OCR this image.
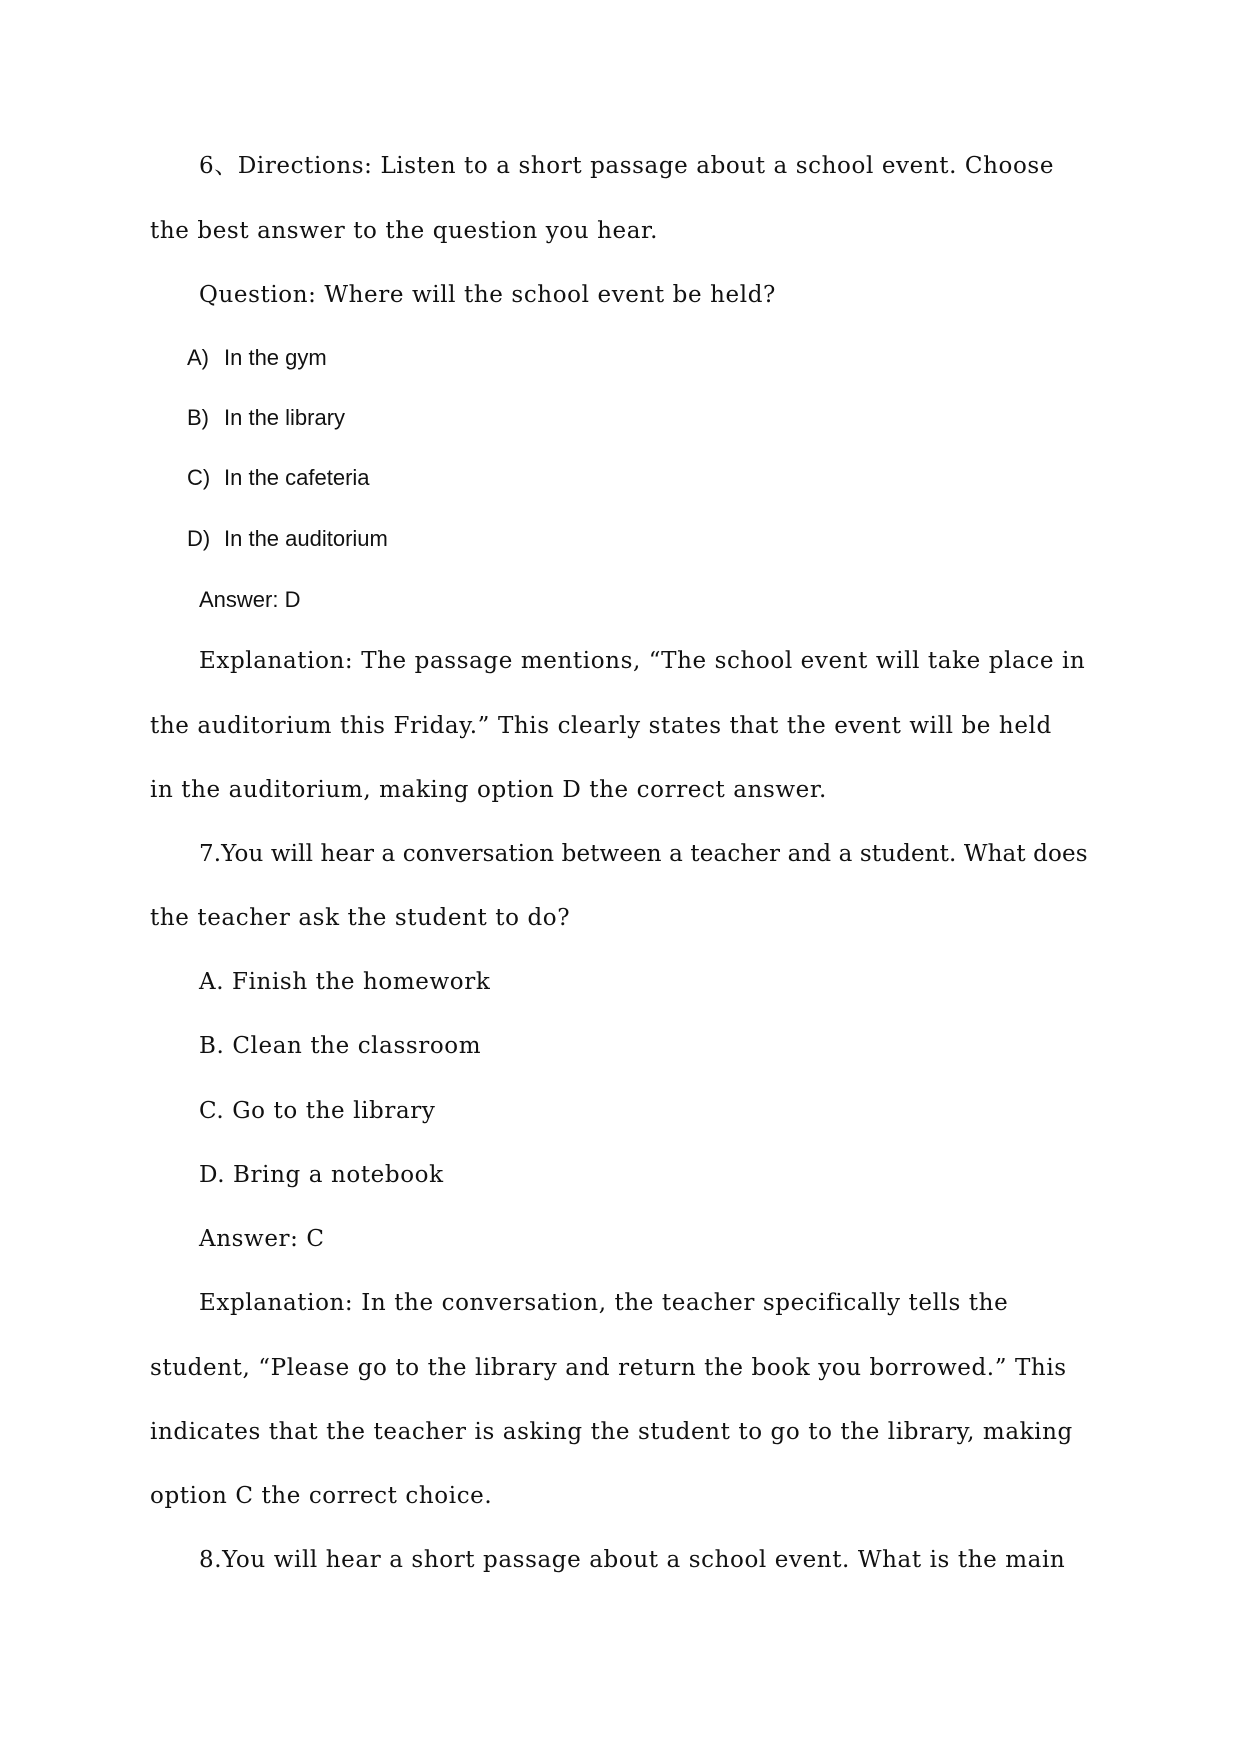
6、Directions: Listen to a short passage about a school event. Choose
the best answer to the question you hear.
Question: Where will the school event be held?
A) In the gym
B) In the library
C) In the cafeteria
D) In the auditorium
Answer: D
Explanation: The passage mentions, “The school event will take place in
the auditorium this Friday.” This clearly states that the event will be held
in the auditorium, making option D the correct answer.
7.You will hear a conversation between a teacher and a student. What does
the teacher ask the student to do?
A. Finish the homework
B. Clean the classroom
C. Go to the library
D. Bring a notebook
Answer: C
Explanation: In the conversation, the teacher specifically tells the
student, “Please go to the library and return the book you borrowed.” This
indicates that the teacher is asking the student to go to the library, making
option C the correct choice.
8.You will hear a short passage about a school event. What is the main
